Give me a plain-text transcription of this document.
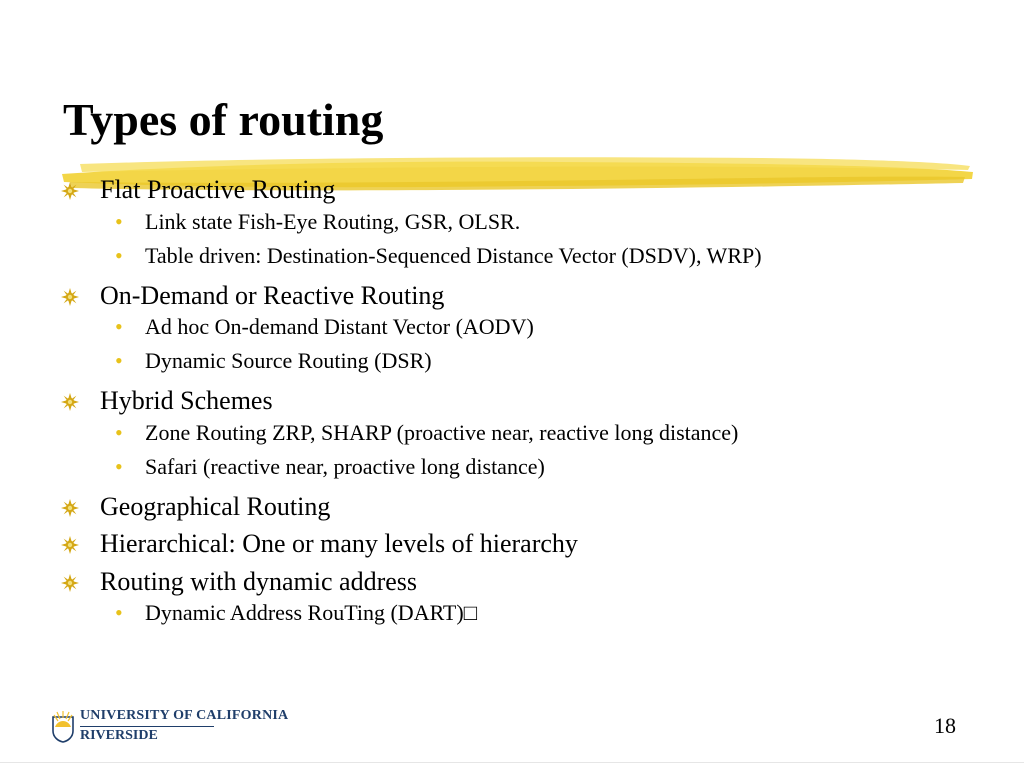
Types of routing
Flat Proactive Routing
• Link state Fish-Eye Routing, GSR, OLSR.
• Table driven: Destination-Sequenced Distance Vector (DSDV), WRP)
On-Demand or Reactive Routing
• Ad hoc On-demand Distant Vector (AODV)
• Dynamic Source Routing (DSR)
Hybrid Schemes
• Zone Routing ZRP, SHARP (proactive near, reactive long distance)
• Safari (reactive near, proactive long distance)
Geographical Routing
Hierarchical: One or many levels of hierarchy
Routing with dynamic address
• Dynamic Address RouTing (DART)□
UNIVERSITY OF CALIFORNIA
RIVERSIDE	18
